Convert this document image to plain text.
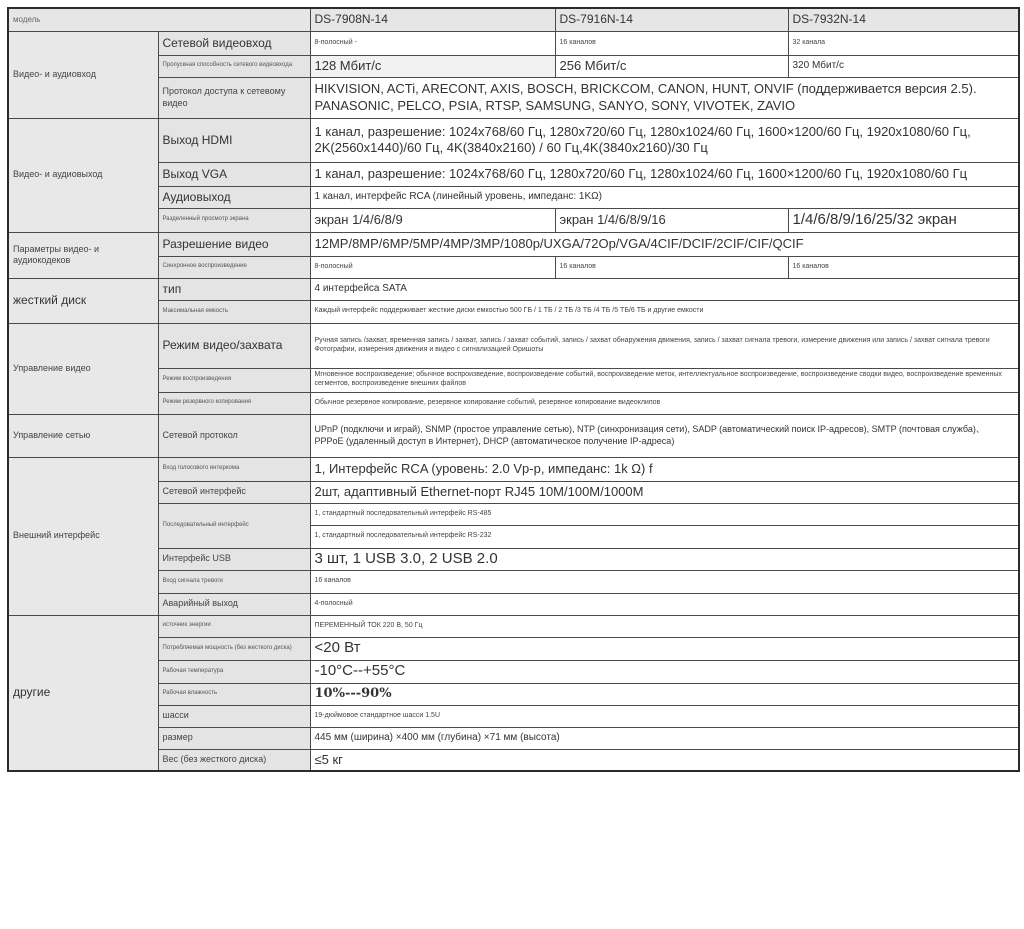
модель		DS-7908N-14	DS-7916N-14	DS-7932N-14
Видео- и аудиовход	Сетевой видеовход	8-полосный -	16 каналов	32 канала
	Пропускная способность сетевого видеовхода	128 Мбит/с	256 Мбит/с	320 Мбит/с
	Протокол доступа к сетевому видео	HIKVISION, ACTi, ARECONT, AXIS, BOSCH, BRICKCOM, CANON, HUNT, ONVIF (поддерживается версия 2.5). PANASONIC, PELCO, PSIA, RTSP, SAMSUNG, SANYO, SONY, VIVOTEK, ZAVIO		
Видео- и аудиовыход	Выход HDMI	1 канал, разрешение: 1024x768/60 Гц, 1280x720/60 Гц, 1280x1024/60 Гц, 1600×1200/60 Гц, 1920x1080/60 Гц, 2K(2560x1440)/60 Гц, 4K(3840x2160) / 60 Гц,4K(3840x2160)/30 Гц		
	Выход VGA	1 канал, разрешение: 1024x768/60 Гц, 1280x720/60 Гц, 1280x1024/60 Гц, 1600×1200/60 Гц, 1920x1080/60 Гц		
	Аудиовыход	1 канал, интерфейс RCA (линейный уровень, импеданс: 1KΩ)		
	Разделенный просмотр экрана	экран 1/4/6/8/9	экран 1/4/6/8/9/16	1/4/6/8/9/16/25/32 экран
Параметры видео- и аудиокодеков	Разрешение видео	12MP/8MP/6MP/5MP/4MP/3MP/1080p/UXGA/72Op/VGA/4CIF/DCIF/2CIF/CIF/QCIF		
	Синхронное воспроизведение	8-полосный	16 каналов	16 каналов
жесткий диск	тип	4 интерфейса SATA		
	Максимальная емкость	Каждый интерфейс поддерживает жесткие диски емкостью 500 ГБ / 1 ТБ / 2 ТБ /3 ТБ /4 ТБ /5 ТБ/6 ТБ и другие емкости		
Управление видео	Режим видео/захвата	Ручная запись /захват, временная запись / захват, запись / захват событий, запись / захват обнаружения движения, запись / захват сигнала тревоги, измерение движения или запись / захват сигнала тревоги Фотографии, измерения движения и видео с сигнализацией Оришоты		
	Режим воспроизведения	Мгновенное воспроизведение; обычное воспроизведение, воспроизведение событий, воспроизведение меток, интеллектуальное воспроизведение, воспроизведение сводки видео, воспроизведение временных сегментов, воспроизведение внешних файлов		
	Режим резервного копирования	Обычное резервное копирование, резервное копирование событий, резервное копирование видеоклипов		
Управление сетью	Сетевой протокол	UPnP (подключи и играй), SNMP (простое управление сетью), NTP (синхронизация сети), SADP (автоматический поиск IP-адресов), SMTP (почтовая служба)、 PPPoE (удаленный доступ в Интернет), DHCP (автоматическое получение IP-адреса)		
Внешний интерфейс	Вход голосового интеркома	1, Интерфейс RCA (уровень: 2.0 Vp-p, импеданс: 1k Ω) f		
	Сетевой интерфейс	2шт, адаптивный Ethernet-порт RJ45 10M/100M/1000M		
	Последовательный интерфейс	1, стандартный последовательный интерфейс RS-485		
		1, стандартный последовательный интерфейс RS-232		
	Интерфейс USB	3 шт, 1 USB 3.0, 2 USB 2.0		
	Вход сигнала тревоги	16 каналов		
	Аварийный выход	4-полосный		
другие	источник энергии	ПЕРЕМЕННЫЙ ТОК 220 В, 50 Гц		
	Потребляемая мощность (без жесткого диска)	<20 Вт		
	Рабочая температура	-10°C--+55°C		
	Рабочая влажность	10%---90%		
	шасси	19-дюймовое стандартное шасси 1.5U		
	размер	445 мм (ширина) ×400 мм (глубина) ×71 мм (высота)		
	Вес (без жесткого диска)	≤5 кг		
